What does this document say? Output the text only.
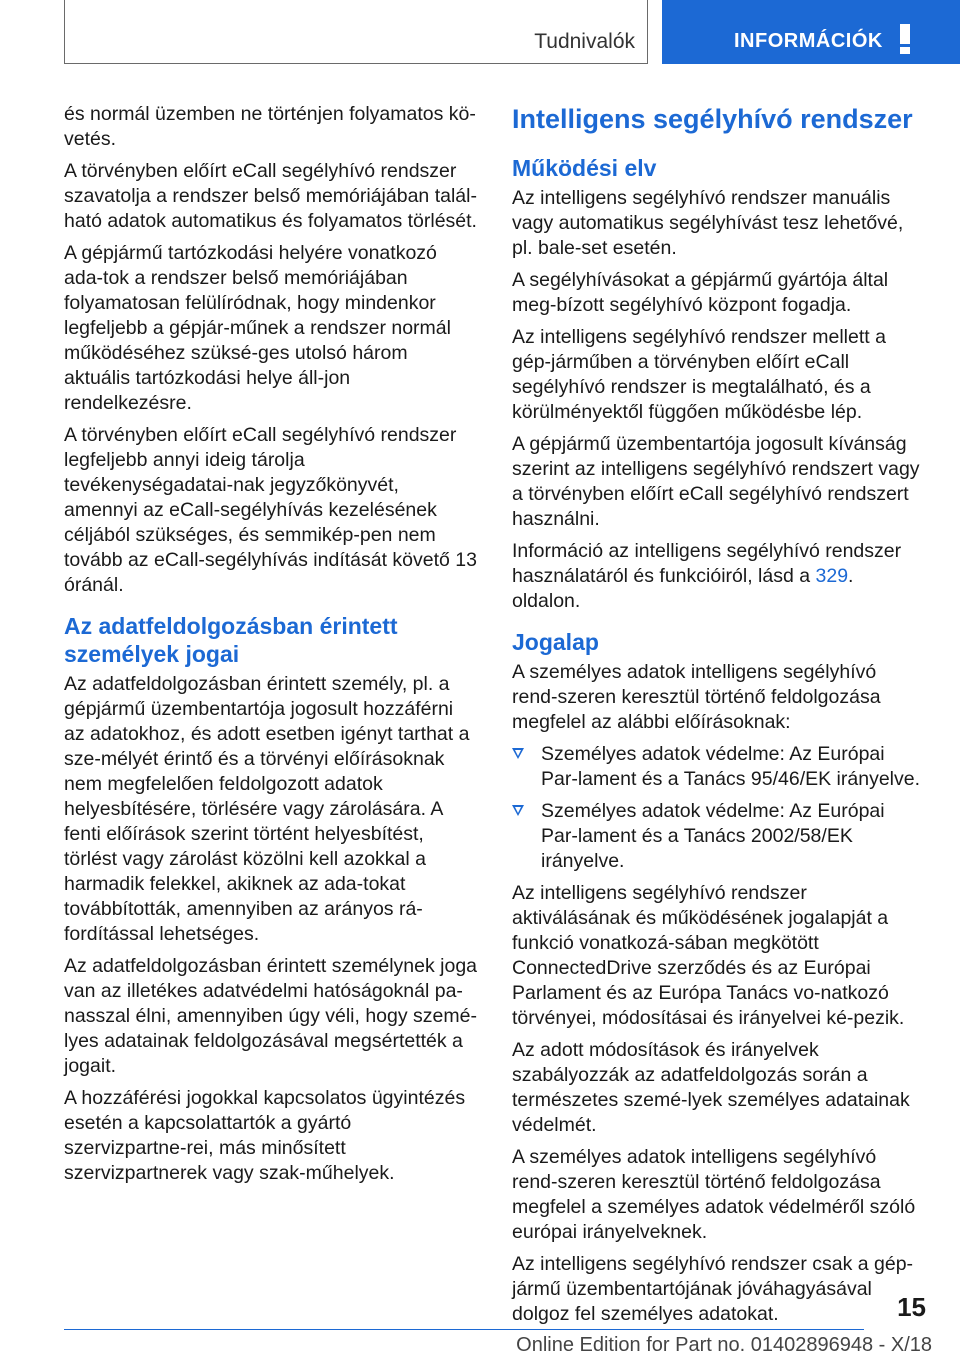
Tudnivalók	INFORMÁCIÓK

és normál üzemben ne történjen folyamatos kö‐vetés.

A törvényben előírt eCall segélyhívó rendszer szavatolja a rendszer belső memóriájában talál‐ható adatok automatikus és folyamatos törlését.

A gépjármű tartózkodási helyére vonatkozó ada‐tok a rendszer belső memóriájában folyamatosan felülíródnak, hogy mindenkor legfeljebb a gépjár‐műnek a rendszer normál működéséhez szüksé‐ges utolsó három aktuális tartózkodási helye áll‐jon rendelkezésre.

A törvényben előírt eCall segélyhívó rendszer legfeljebb annyi ideig tárolja tevékenységadatai‐nak jegyzőkönyvét, amennyi az eCall-segélyhívás kezelésének céljából szükséges, és semmikép‐pen nem tovább az eCall-segélyhívás indítását követő 13 óránál.

Az adatfeldolgozásban érintett személyek jogai

Az adatfeldolgozásban érintett személy, pl. a gépjármű üzembentartója jogosult hozzáférni az adatokhoz, és adott esetben igényt tarthat a sze‐mélyét érintő és a törvényi előírásoknak nem megfelelően feldolgozott adatok helyesbítésére, törlésére vagy zárolására. A fenti előírások szerint történt helyesbítést, törlést vagy zárolást közölni kell azokkal a harmadik felekkel, akiknek az ada‐tokat továbbították, amennyiben az arányos rá‐fordítással lehetséges.

Az adatfeldolgozásban érintett személynek joga van az illetékes adatvédelmi hatóságoknál pa‐nasszal élni, amennyiben úgy véli, hogy szemé‐lyes adatainak feldolgozásával megsértették a jogait.

A hozzáférési jogokkal kapcsolatos ügyintézés esetén a kapcsolattartók a gyártó szervizpartne‐rei, más minősített szervizpartnerek vagy szak‐műhelyek.

Intelligens segélyhívó rendszer
Működési elv

Az intelligens segélyhívó rendszer manuális vagy automatikus segélyhívást tesz lehetővé, pl. bale‐set esetén.

A segélyhívásokat a gépjármű gyártója által meg‐bízott segélyhívó központ fogadja.

Az intelligens segélyhívó rendszer mellett a gép‐járműben a törvényben előírt eCall segélyhívó rendszer is megtalálható, és a körülményektől függően működésbe lép.

A gépjármű üzembentartója jogosult kívánság szerint az intelligens segélyhívó rendszert vagy a törvényben előírt eCall segélyhívó rendszert használni.

Információ az intelligens segélyhívó rendszer használatáról és funkcióiról, lásd a 329. oldalon.

Jogalap

A személyes adatok intelligens segélyhívó rend‐szeren keresztül történő feldolgozása megfelel az alábbi előírásoknak:

Személyes adatok védelme: Az Európai Par‐lament és a Tanács 95/46/EK irányelve.
Személyes adatok védelme: Az Európai Par‐lament és a Tanács 2002/58/EK irányelve.

Az intelligens segélyhívó rendszer aktiválásának és működésének jogalapját a funkció vonatkozá‐sában megkötött ConnectedDrive szerződés és az Európai Parlament és az Európa Tanács vo‐natkozó törvényei, módosításai és irányelvei ké‐pezik.

Az adott módosítások és irányelvek szabályozzák az adatfeldolgozás során a természetes szemé‐lyek személyes adatainak védelmét.

A személyes adatok intelligens segélyhívó rend‐szeren keresztül történő feldolgozása megfelel a személyes adatok védelméről szóló európai irányelveknek.

Az intelligens segélyhívó rendszer csak a gép‐jármű üzembentartójának jóváhagyásával dolgoz fel személyes adatokat.	15
Online Edition for Part no. 01402896948 - X/18
